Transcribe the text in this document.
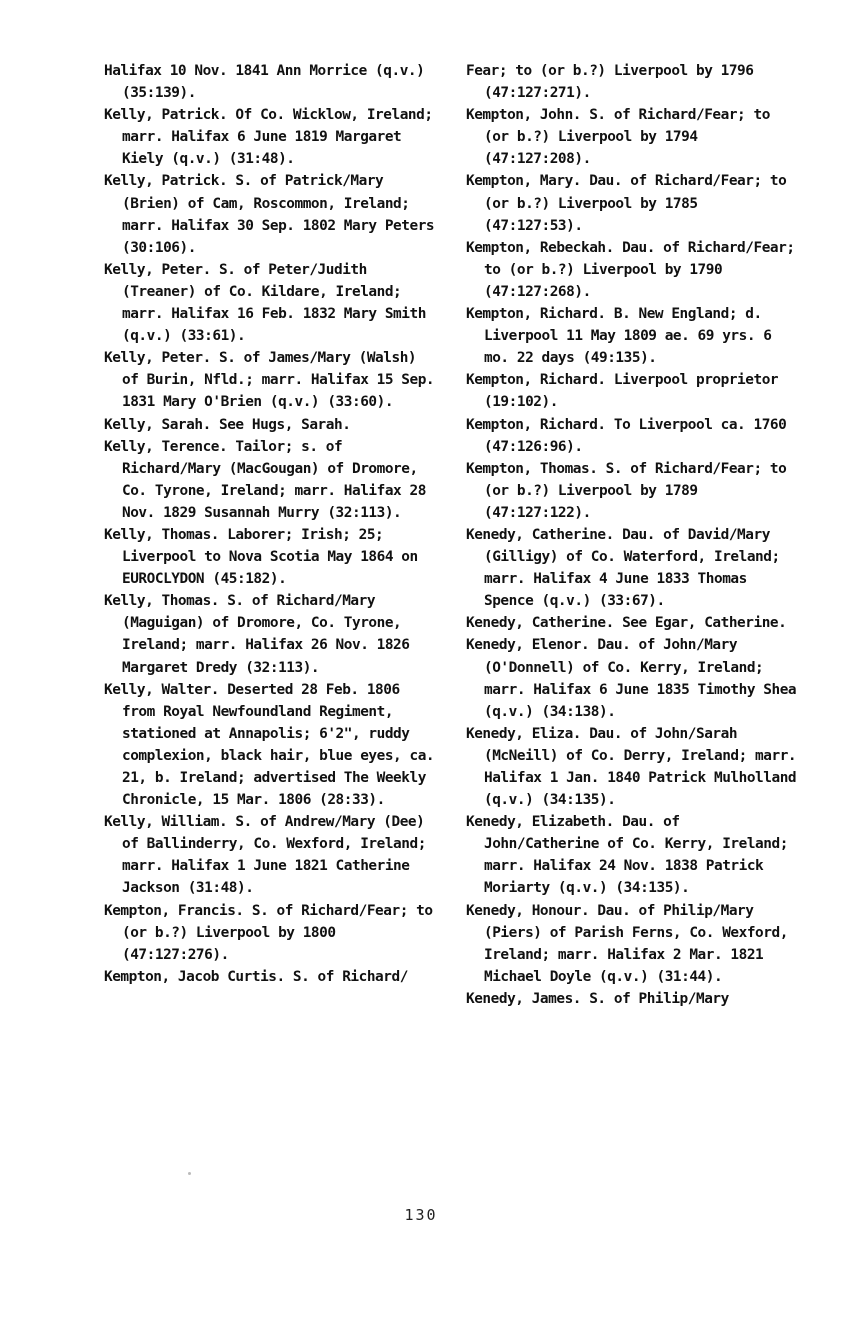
Halifax 10 Nov. 1841 Ann Morrice (q.v.) (35:139).
Kelly, Patrick. Of Co. Wicklow, Ireland; marr. Halifax 6 June 1819 Margaret Kiely (q.v.) (31:48).
Kelly, Patrick. S. of Patrick/Mary (Brien) of Cam, Roscommon, Ireland; marr. Halifax 30 Sep. 1802 Mary Peters (30:106).
Kelly, Peter. S. of Peter/Judith (Treaner) of Co. Kildare, Ireland; marr. Halifax 16 Feb. 1832 Mary Smith (q.v.) (33:61).
Kelly, Peter. S. of James/Mary (Walsh) of Burin, Nfld.; marr. Halifax 15 Sep. 1831 Mary O'Brien (q.v.) (33:60).
Kelly, Sarah. See Hugs, Sarah.
Kelly, Terence. Tailor; s. of Richard/Mary (MacGougan) of Dromore, Co. Tyrone, Ireland; marr. Halifax 28 Nov. 1829 Susannah Murry (32:113).
Kelly, Thomas. Laborer; Irish; 25; Liverpool to Nova Scotia May 1864 on EUROCLYDON (45:182).
Kelly, Thomas. S. of Richard/Mary (Maguigan) of Dromore, Co. Tyrone, Ireland; marr. Halifax 26 Nov. 1826 Margaret Dredy (32:113).
Kelly, Walter. Deserted 28 Feb. 1806 from Royal Newfoundland Regiment, stationed at Annapolis; 6'2", ruddy complexion, black hair, blue eyes, ca. 21, b. Ireland; advertised The Weekly Chronicle, 15 Mar. 1806 (28:33).
Kelly, William. S. of Andrew/Mary (Dee) of Ballinderry, Co. Wexford, Ireland; marr. Halifax 1 June 1821 Catherine Jackson (31:48).
Kempton, Francis. S. of Richard/Fear; to (or b.?) Liverpool by 1800 (47:127:276).
Kempton, Jacob Curtis. S. of Richard/
Fear; to (or b.?) Liverpool by 1796 (47:127:271).
Kempton, John. S. of Richard/Fear; to (or b.?) Liverpool by 1794 (47:127:208).
Kempton, Mary. Dau. of Richard/Fear; to (or b.?) Liverpool by 1785 (47:127:53).
Kempton, Rebeckah. Dau. of Richard/Fear; to (or b.?) Liverpool by 1790 (47:127:268).
Kempton, Richard. B. New England; d. Liverpool 11 May 1809 ae. 69 yrs. 6 mo. 22 days (49:135).
Kempton, Richard. Liverpool proprietor (19:102).
Kempton, Richard. To Liverpool ca. 1760 (47:126:96).
Kempton, Thomas. S. of Richard/Fear; to (or b.?) Liverpool by 1789 (47:127:122).
Kenedy, Catherine. Dau. of David/Mary (Gilligy) of Co. Waterford, Ireland; marr. Halifax 4 June 1833 Thomas Spence (q.v.) (33:67).
Kenedy, Catherine. See Egar, Catherine.
Kenedy, Elenor. Dau. of John/Mary (O'Donnell) of Co. Kerry, Ireland; marr. Halifax 6 June 1835 Timothy Shea (q.v.) (34:138).
Kenedy, Eliza. Dau. of John/Sarah (McNeill) of Co. Derry, Ireland; marr. Halifax 1 Jan. 1840 Patrick Mulholland (q.v.) (34:135).
Kenedy, Elizabeth. Dau. of John/Catherine of Co. Kerry, Ireland; marr. Halifax 24 Nov. 1838 Patrick Moriarty (q.v.) (34:135).
Kenedy, Honour. Dau. of Philip/Mary (Piers) of Parish Ferns, Co. Wexford, Ireland; marr. Halifax 2 Mar. 1821 Michael Doyle (q.v.) (31:44).
Kenedy, James. S. of Philip/Mary
130
